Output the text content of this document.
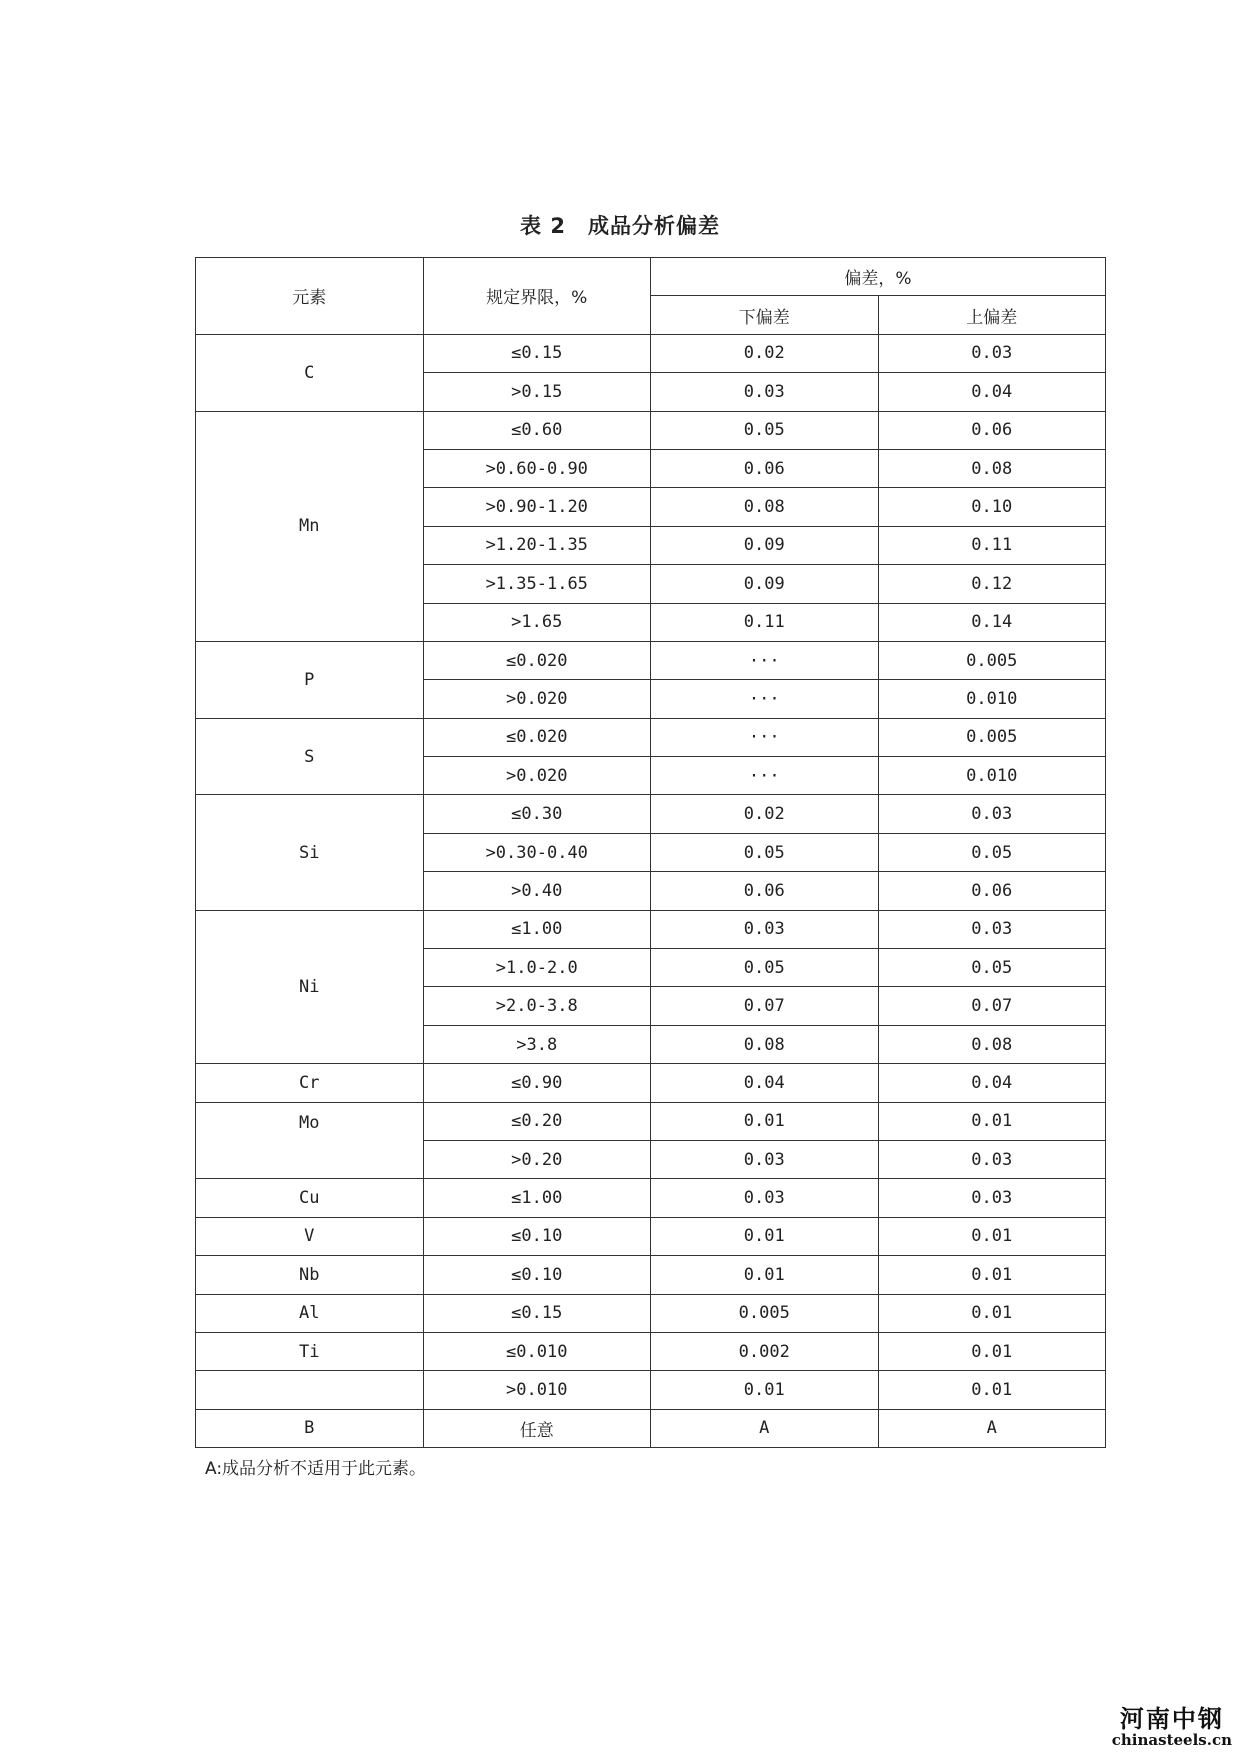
表 2　成品分析偏差
元素	规定界限，%	偏差，%	
		下偏差	上偏差
C	≤0.15	0.02	0.03
	>0.15	0.03	0.04
Mn	≤0.60	0.05	0.06
	>0.60-0.90	0.06	0.08
	>0.90-1.20	0.08	0.10
	>1.20-1.35	0.09	0.11
	>1.35-1.65	0.09	0.12
	>1.65	0.11	0.14
P	≤0.020	···	0.005
	>0.020	···	0.010
S	≤0.020	···	0.005
	>0.020	···	0.010
Si	≤0.30	0.02	0.03
	>0.30-0.40	0.05	0.05
	>0.40	0.06	0.06
Ni	≤1.00	0.03	0.03
	>1.0-2.0	0.05	0.05
	>2.0-3.8	0.07	0.07
	>3.8	0.08	0.08
Cr	≤0.90	0.04	0.04
Mo	≤0.20	0.01	0.01
	>0.20	0.03	0.03
Cu	≤1.00	0.03	0.03
V	≤0.10	0.01	0.01
Nb	≤0.10	0.01	0.01
Al	≤0.15	0.005	0.01
Ti	≤0.010	0.002	0.01
	>0.010	0.01	0.01
B	任意	A	A
A:成品分析不适用于此元素。
河南中钢
chinasteels.cn
